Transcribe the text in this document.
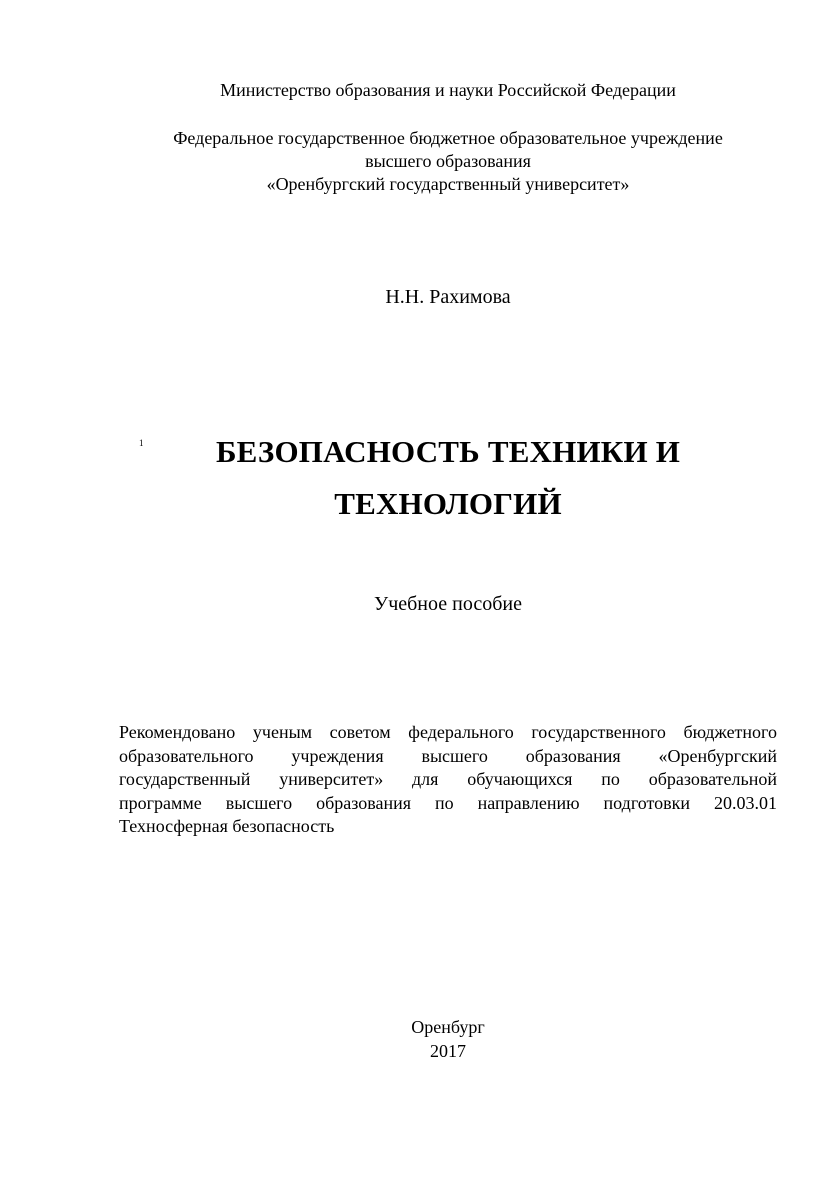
Министерство образования и науки Российской Федерации
Федеральное государственное бюджетное образовательное учреждение
высшего образования
«Оренбургский государственный университет»
Н.Н. Рахимова
1	БЕЗОПАСНОСТЬ ТЕХНИКИ И
ТЕХНОЛОГИЙ
Учебное пособие
Рекомендовано ученым советом федерального государственного бюджетного
образовательного учреждения высшего образования «Оренбургский
государственный университет» для обучающихся по образовательной
программе высшего образования по направлению подготовки 20.03.01
Техносферная безопасность
Оренбург
2017
